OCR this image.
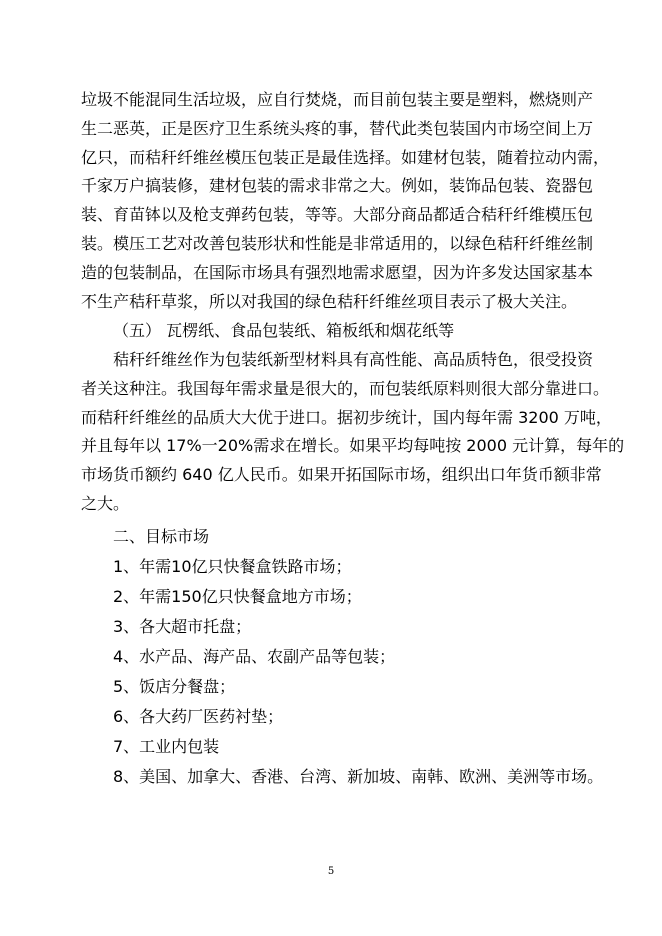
垃圾不能混同生活垃圾，应自行焚烧，而目前包装主要是塑料，燃烧则产
生二恶英，正是医疗卫生系统头疼的事，替代此类包装国内市场空间上万
亿只，而秸秆纤维丝模压包装正是最佳选择。如建材包装，随着拉动内需，
千家万户搞装修，建材包装的需求非常之大。例如，装饰品包装、瓷器包
装、育苗钵以及枪支弹药包装，等等。大部分商品都适合秸秆纤维模压包
装。模压工艺对改善包装形状和性能是非常适用的，以绿色秸秆纤维丝制
造的包装制品，在国际市场具有强烈地需求愿望，因为许多发达国家基本
不生产秸秆草浆，所以对我国的绿色秸秆纤维丝项目表示了极大关注。
（五） 瓦楞纸、食品包装纸、箱板纸和烟花纸等
秸秆纤维丝作为包装纸新型材料具有高性能、高品质特色，很受投资
者关这种注。我国每年需求量是很大的，而包装纸原料则很大部分靠进口。
而秸秆纤维丝的品质大大优于进口。据初步统计，国内每年需 3200 万吨，
并且每年以 17%一20%需求在增长。如果平均每吨按 2000 元计算，每年的
市场货币额约 640 亿人民币。如果开拓国际市场，组织出口年货币额非常
之大。
二、目标市场
1、年需10亿只快餐盒铁路市场；
2、年需150亿只快餐盒地方市场；
3、各大超市托盘；
4、水产品、海产品、农副产品等包装；
5、饭店分餐盘；
6、各大药厂医药衬垫；
7、工业内包装
8、美国、加拿大、香港、台湾、新加坡、南韩、欧洲、美洲等市场。
5
